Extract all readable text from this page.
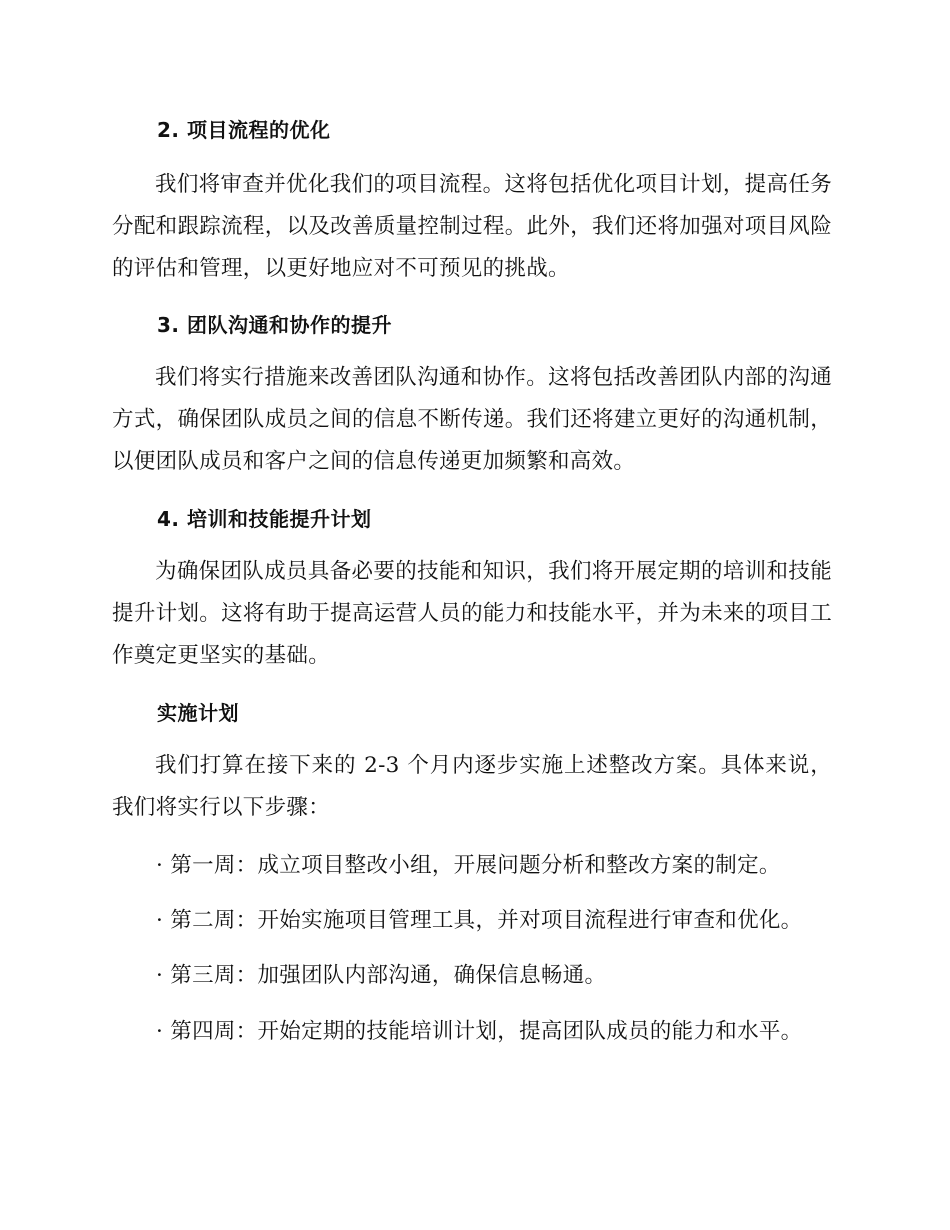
2. 项目流程的优化

我们将审查并优化我们的项目流程。这将包括优化项目计划，提高任务分配和跟踪流程，以及改善质量控制过程。此外，我们还将加强对项目风险的评估和管理，以更好地应对不可预见的挑战。

3. 团队沟通和协作的提升

我们将实行措施来改善团队沟通和协作。这将包括改善团队内部的沟通方式，确保团队成员之间的信息不断传递。我们还将建立更好的沟通机制，以便团队成员和客户之间的信息传递更加频繁和高效。

4. 培训和技能提升计划

为确保团队成员具备必要的技能和知识，我们将开展定期的培训和技能提升计划。这将有助于提高运营人员的能力和技能水平，并为未来的项目工作奠定更坚实的基础。

实施计划

我们打算在接下来的 2-3 个月内逐步实施上述整改方案。具体来说，我们将实行以下步骤：

· 第一周：成立项目整改小组，开展问题分析和整改方案的制定。
· 第二周：开始实施项目管理工具，并对项目流程进行审查和优化。
· 第三周：加强团队内部沟通，确保信息畅通。
· 第四周：开始定期的技能培训计划，提高团队成员的能力和水平。
